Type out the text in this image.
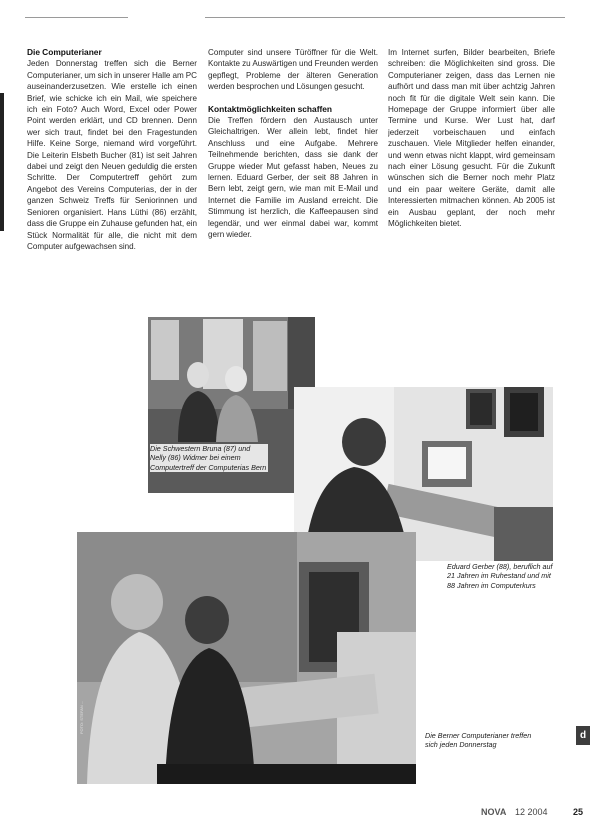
Die Computerianer

Jeden Donnerstag treffen sich die Berner Computerianer, um sich in unserer Halle am PC auseinanderzusetzen. Wie erstelle ich einen Brief, wie schicke ich ein Mail, wie speichere ich ein Foto? Auch Word, Excel oder Power Point werden erklärt, und CD brennen. Denn wer sich traut, findet bei den Fragestunden Hilfe. Keine Sorge, niemand wird vorgeführt. Die Leiterin Elsbeth Bucher (81) ist seit Jahren dabei und zeigt den Neuen geduldig die ersten Schritte. Der Computertreff gehört zum Angebot des Vereins Computerias, der in der ganzen Schweiz Treffs für Seniorinnen und Senioren organisiert. Hans Lüthi (86) erzählt, dass die Gruppe ein Zuhause gefunden hat, ein Stück Normalität für alle, die nicht mit dem Computer aufgewachsen sind.

Computer sind unsere Türöffner für die Welt. Kontakte zu Auswärtigen und Freunden werden gepflegt, Probleme der älteren Generation werden besprochen und Lösungen gesucht.

Kontaktmöglichkeiten schaffen

Die Treffen fördern den Austausch unter Gleichaltrigen. Wer allein lebt, findet hier Anschluss und eine Aufgabe. Mehrere Teilnehmende berichten, dass sie dank der Gruppe wieder Mut gefasst haben, Neues zu lernen. Eduard Gerber, der seit 88 Jahren in Bern lebt, zeigt gern, wie man mit E-Mail und Internet die Familie im Ausland erreicht. Die Stimmung ist herzlich, die Kaffeepausen sind legendär, und wer einmal dabei war, kommt gern wieder.

Im Internet surfen, Bilder bearbeiten, Briefe schreiben: die Möglichkeiten sind gross. Die Computerianer zeigen, dass das Lernen nie aufhört und dass man mit über achtzig Jahren noch fit für die digitale Welt sein kann. Die Homepage der Gruppe informiert über alle Termine und Kurse. Wer Lust hat, darf jederzeit vorbeischauen und einfach zuschauen. Viele Mitglieder helfen einander, und wenn etwas nicht klappt, wird gemeinsam nach einer Lösung gesucht. Für die Zukunft wünschen sich die Berner noch mehr Platz und ein paar weitere Geräte, damit alle Interessierten mitmachen können. Ab 2005 ist ein Ausbau geplant, der noch mehr Möglichkeiten bietet.

Die Schwestern Bruna (87) und Nelly (86) Widmer bei einem Computertreff der Computerias Bern
Eduard Gerber (88), beruflich auf 21 Jahren im Ruhestand und mit 88 Jahren im Computerkurs
Die Berner Computerianer treffen sich jeden Donnerstag
FOTO: STEFAN ...
d
NOVA 12 2004	25
